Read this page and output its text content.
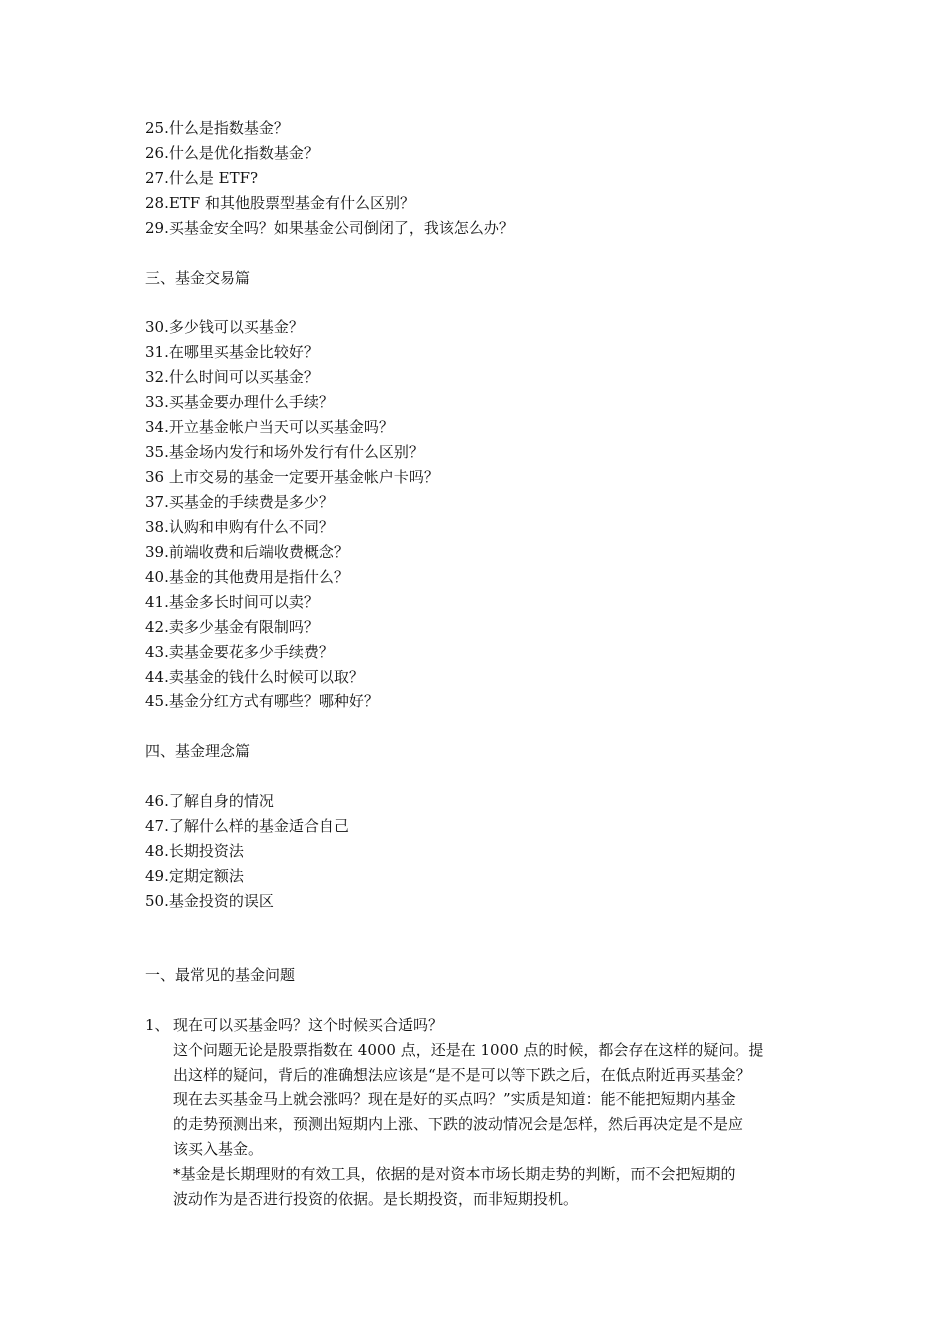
25.什么是指数基金？
26.什么是优化指数基金？
27.什么是 ETF?
28.ETF 和其他股票型基金有什么区别？
29.买基金安全吗？如果基金公司倒闭了，我该怎么办？
三、基金交易篇
30.多少钱可以买基金？
31.在哪里买基金比较好？
32.什么时间可以买基金？
33.买基金要办理什么手续？
34.开立基金帐户当天可以买基金吗？
35.基金场内发行和场外发行有什么区别？
36 上市交易的基金一定要开基金帐户卡吗？
37.买基金的手续费是多少？
38.认购和申购有什么不同？
39.前端收费和后端收费概念？
40.基金的其他费用是指什么？
41.基金多长时间可以卖？
42.卖多少基金有限制吗？
43.卖基金要花多少手续费？
44.卖基金的钱什么时候可以取？
45.基金分红方式有哪些？哪种好？
四、基金理念篇
46.了解自身的情况
47.了解什么样的基金适合自己
48.长期投资法
49.定期定额法
50.基金投资的误区
一、最常见的基金问题
1、 现在可以买基金吗？这个时候买合适吗？
这个问题无论是股票指数在 4000 点，还是在 1000 点的时候，都会存在这样的疑问。提
出这样的疑问，背后的准确想法应该是“是不是可以等下跌之后，在低点附近再买基金？
现在去买基金马上就会涨吗？现在是好的买点吗？”实质是知道：能不能把短期内基金
的走势预测出来，预测出短期内上涨、下跌的波动情况会是怎样，然后再决定是不是应
该买入基金。
*基金是长期理财的有效工具，依据的是对资本市场长期走势的判断，而不会把短期的
波动作为是否进行投资的依据。是长期投资，而非短期投机。
